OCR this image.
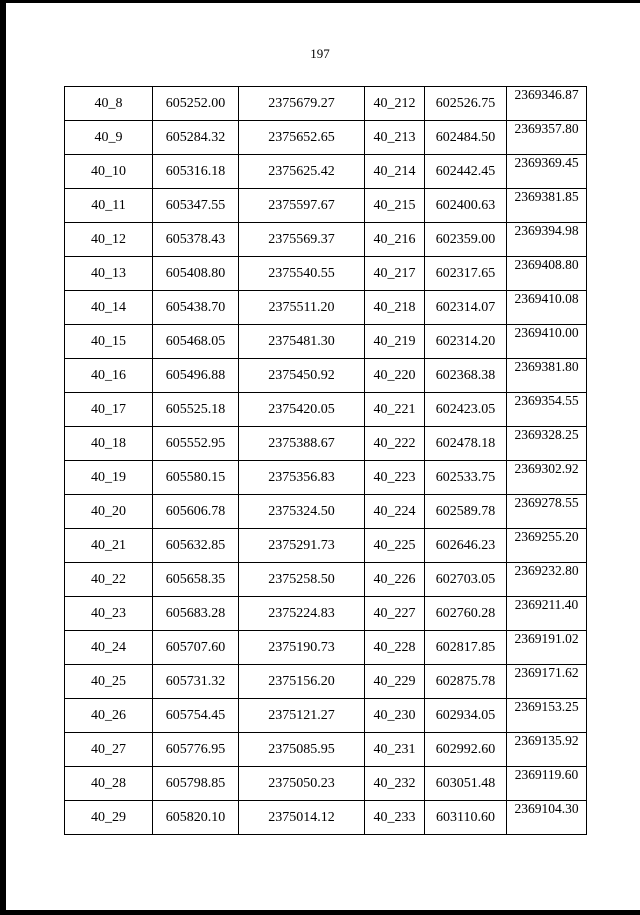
197
40_8	605252.00	2375679.27	40_212	602526.75	2369346.87
40_9	605284.32	2375652.65	40_213	602484.50	2369357.80
40_10	605316.18	2375625.42	40_214	602442.45	2369369.45
40_11	605347.55	2375597.67	40_215	602400.63	2369381.85
40_12	605378.43	2375569.37	40_216	602359.00	2369394.98
40_13	605408.80	2375540.55	40_217	602317.65	2369408.80
40_14	605438.70	2375511.20	40_218	602314.07	2369410.08
40_15	605468.05	2375481.30	40_219	602314.20	2369410.00
40_16	605496.88	2375450.92	40_220	602368.38	2369381.80
40_17	605525.18	2375420.05	40_221	602423.05	2369354.55
40_18	605552.95	2375388.67	40_222	602478.18	2369328.25
40_19	605580.15	2375356.83	40_223	602533.75	2369302.92
40_20	605606.78	2375324.50	40_224	602589.78	2369278.55
40_21	605632.85	2375291.73	40_225	602646.23	2369255.20
40_22	605658.35	2375258.50	40_226	602703.05	2369232.80
40_23	605683.28	2375224.83	40_227	602760.28	2369211.40
40_24	605707.60	2375190.73	40_228	602817.85	2369191.02
40_25	605731.32	2375156.20	40_229	602875.78	2369171.62
40_26	605754.45	2375121.27	40_230	602934.05	2369153.25
40_27	605776.95	2375085.95	40_231	602992.60	2369135.92
40_28	605798.85	2375050.23	40_232	603051.48	2369119.60
40_29	605820.10	2375014.12	40_233	603110.60	2369104.30
